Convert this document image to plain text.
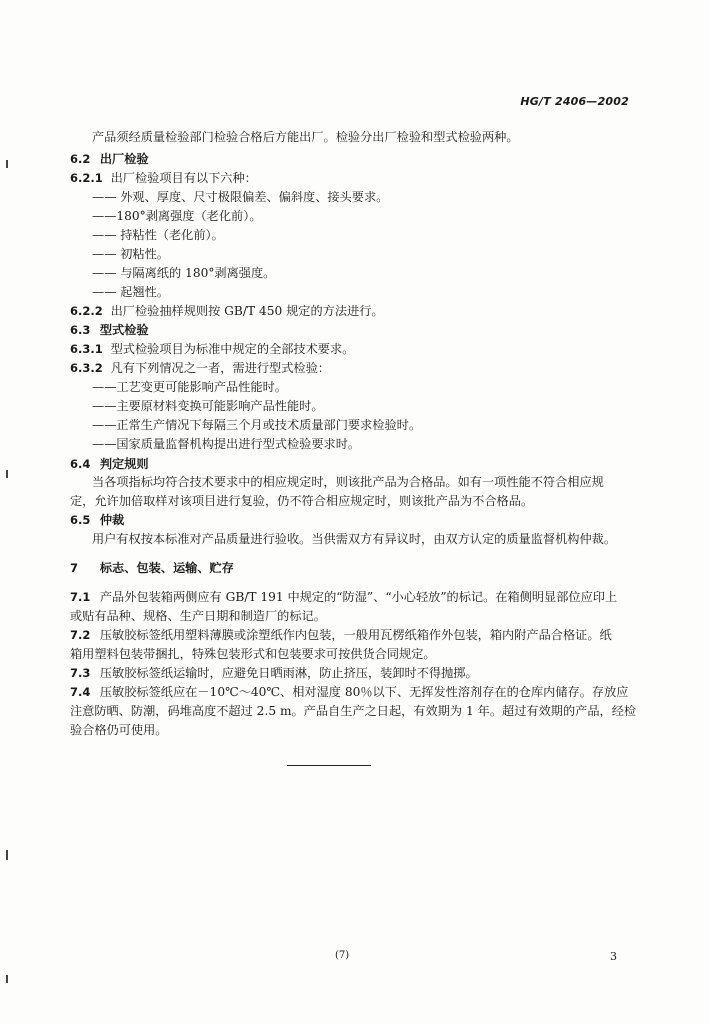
HG/T 2406—2002
产品须经质量检验部门检验合格后方能出厂。检验分出厂检验和型式检验两种。
6.2 出厂检验
6.2.1 出厂检验项目有以下六种：
—— 外观、厚度、尺寸极限偏差、偏斜度、接头要求。
——180°剥离强度（老化前）。
—— 持粘性（老化前）。
—— 初粘性。
—— 与隔离纸的 180°剥离强度。
—— 起翘性。
6.2.2 出厂检验抽样规则按 GB/T 450 规定的方法进行。
6.3 型式检验
6.3.1 型式检验项目为标准中规定的全部技术要求。
6.3.2 凡有下列情况之一者，需进行型式检验：
——工艺变更可能影响产品性能时。
——主要原材料变换可能影响产品性能时。
——正常生产情况下每隔三个月或技术质量部门要求检验时。
——国家质量监督机构提出进行型式检验要求时。
6.4 判定规则
当各项指标均符合技术要求中的相应规定时，则该批产品为合格品。如有一项性能不符合相应规
定，允许加倍取样对该项目进行复验，仍不符合相应规定时，则该批产品为不合格品。
6.5 仲裁
用户有权按本标准对产品质量进行验收。当供需双方有异议时，由双方认定的质量监督机构仲裁。
7 标志、包装、运输、贮存
7.1 产品外包装箱两侧应有 GB/T 191 中规定的“防湿”、“小心轻放”的标记。在箱侧明显部位应印上
或贴有品种、规格、生产日期和制造厂的标记。
7.2 压敏胶标签纸用塑料薄膜或涂塑纸作内包装，一般用瓦楞纸箱作外包装，箱内附产品合格证。纸
箱用塑料包装带捆扎，特殊包装形式和包装要求可按供货合同规定。
7.3 压敏胶标签纸运输时，应避免日晒雨淋，防止挤压，装卸时不得抛掷。
7.4 压敏胶标签纸应在－10℃～40℃、相对湿度 80％以下、无挥发性溶剂存在的仓库内储存。存放应
注意防晒、防潮，码堆高度不超过 2.5 m。产品自生产之日起，有效期为 1 年。超过有效期的产品，经检
验合格仍可使用。
(7)	3
